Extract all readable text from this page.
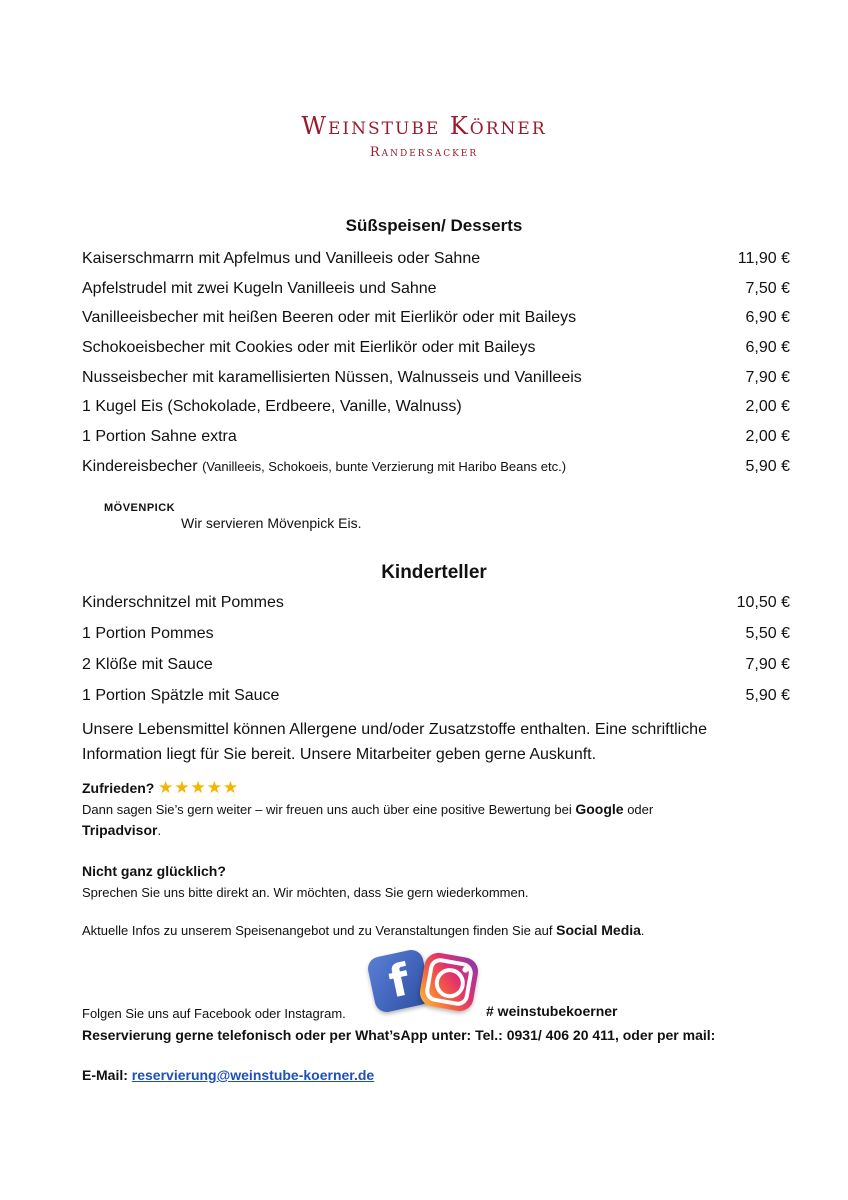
Weinstube Körner
Randersacker
Süßspeisen/ Desserts
Kaiserschmarrn mit Apfelmus und Vanilleeis oder Sahne	11,90 €
Apfelstrudel mit zwei Kugeln Vanilleeis und Sahne	7,50 €
Vanilleeisbecher mit heißen Beeren oder mit Eierlikör oder mit Baileys	6,90 €
Schokoeisbecher mit Cookies oder mit Eierlikör oder mit Baileys	6,90 €
Nusseisbecher mit karamellisierten Nüssen, Walnusseis und Vanilleeis	7,90 €
1 Kugel Eis (Schokolade, Erdbeere, Vanille, Walnuss)	2,00 €
1 Portion Sahne extra	2,00 €
Kindereisbecher (Vanilleeis, Schokoeis, bunte Verzierung mit Haribo Beans etc.)	5,90 €
MÖVENPICK
Wir servieren Mövenpick Eis.
Kinderteller
Kinderschnitzel mit Pommes	10,50 €
1 Portion Pommes	5,50 €
2 Klöße mit Sauce	7,90 €
1 Portion Spätzle mit Sauce	5,90 €
Unsere Lebensmittel können Allergene und/oder Zusatzstoffe enthalten. Eine schriftliche Information liegt für Sie bereit. Unsere Mitarbeiter geben gerne Auskunft.
Zufrieden? ★★★★★
Dann sagen Sie’s gern weiter – wir freuen uns auch über eine positive Bewertung bei Google oder
Tripadvisor.
Nicht ganz glücklich?
Sprechen Sie uns bitte direkt an. Wir möchten, dass Sie gern wiederkommen.
Aktuelle Infos zu unserem Speisenangebot und zu Veranstaltungen finden Sie auf Social Media.
f
Folgen Sie uns auf Facebook oder Instagram.	# weinstubekoerner
Reservierung gerne telefonisch oder per What’sApp unter: Tel.: 0931/ 406 20 411, oder per mail:
E-Mail: reservierung@weinstube-koerner.de
